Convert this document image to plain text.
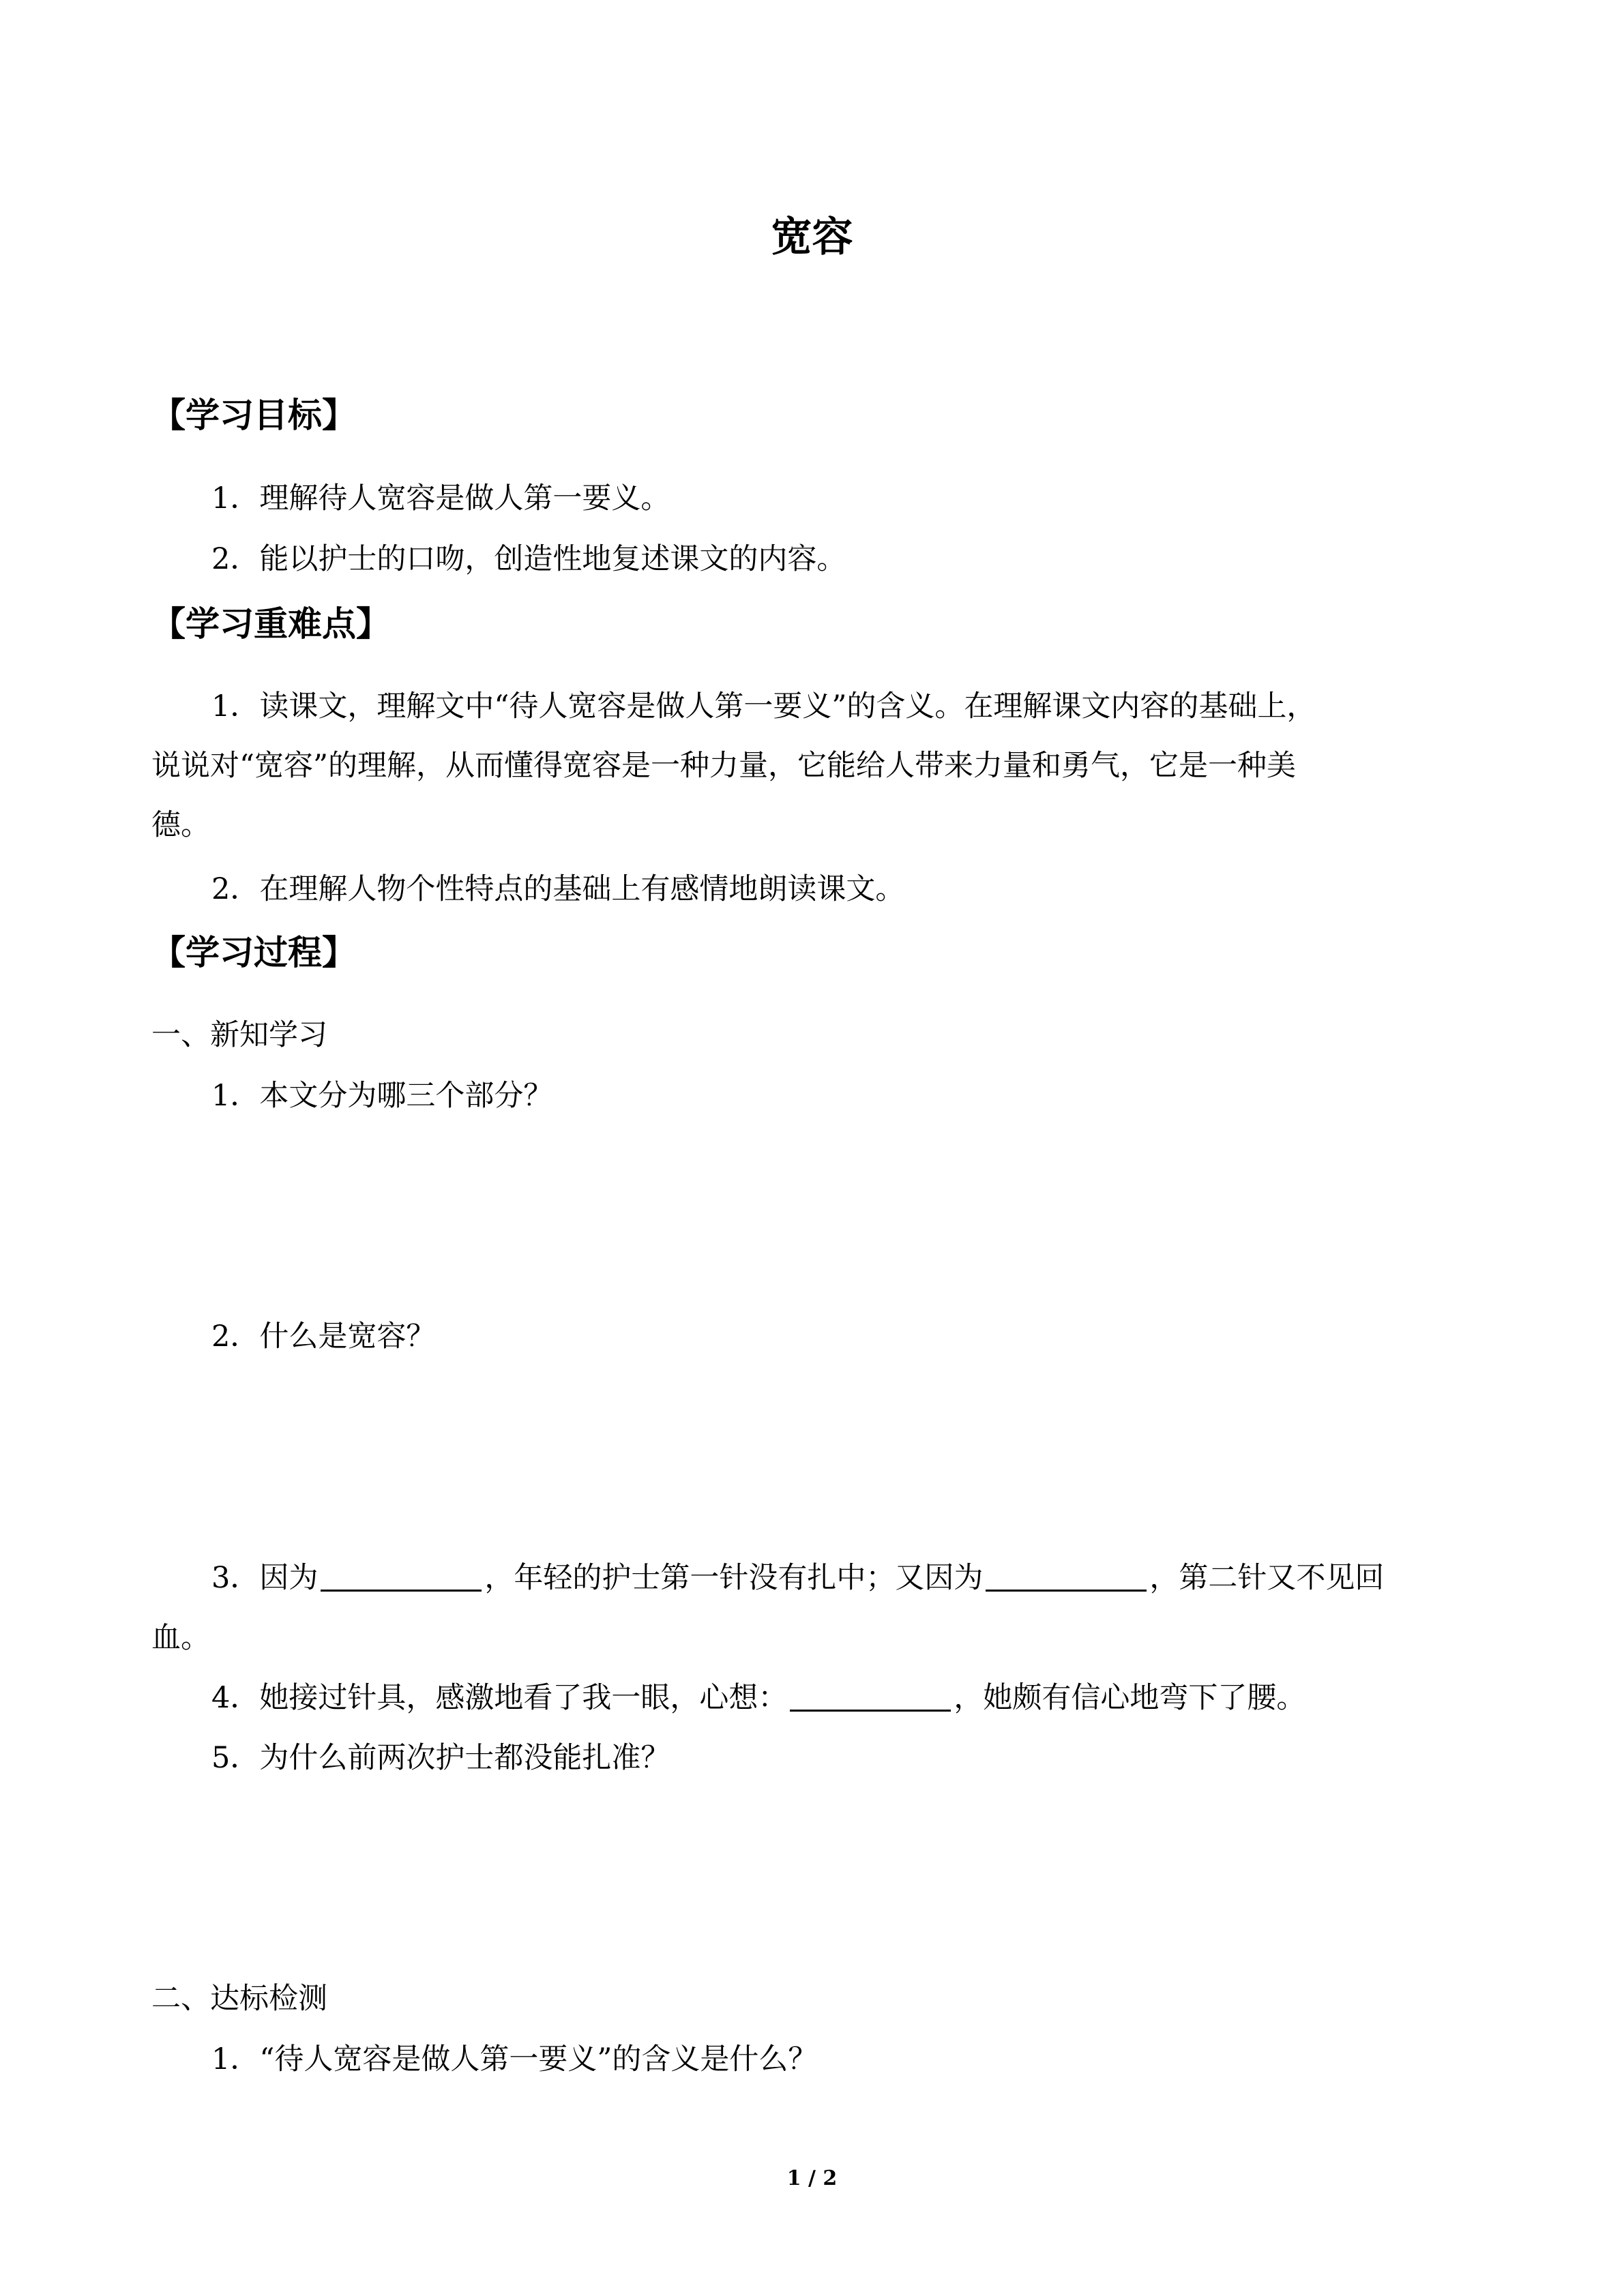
宽容
【学习目标】
1．理解待人宽容是做人第一要义。
2．能以护士的口吻，创造性地复述课文的内容。
【学习重难点】
1．读课文，理解文中“待人宽容是做人第一要义”的含义。在理解课文内容的基础上，
说说对“宽容”的理解，从而懂得宽容是一种力量，它能给人带来力量和勇气，它是一种美
德。
2．在理解人物个性特点的基础上有感情地朗读课文。
【学习过程】
一、新知学习
1．本文分为哪三个部分？
2．什么是宽容？
3．因为	，年轻的护士第一针没有扎中；又因为	，第二针又不见回
血。
4．她接过针具，感激地看了我一眼，心想：	，她颇有信心地弯下了腰。
5．为什么前两次护士都没能扎准？
二、达标检测
1．“待人宽容是做人第一要义”的含义是什么？
1 / 2
